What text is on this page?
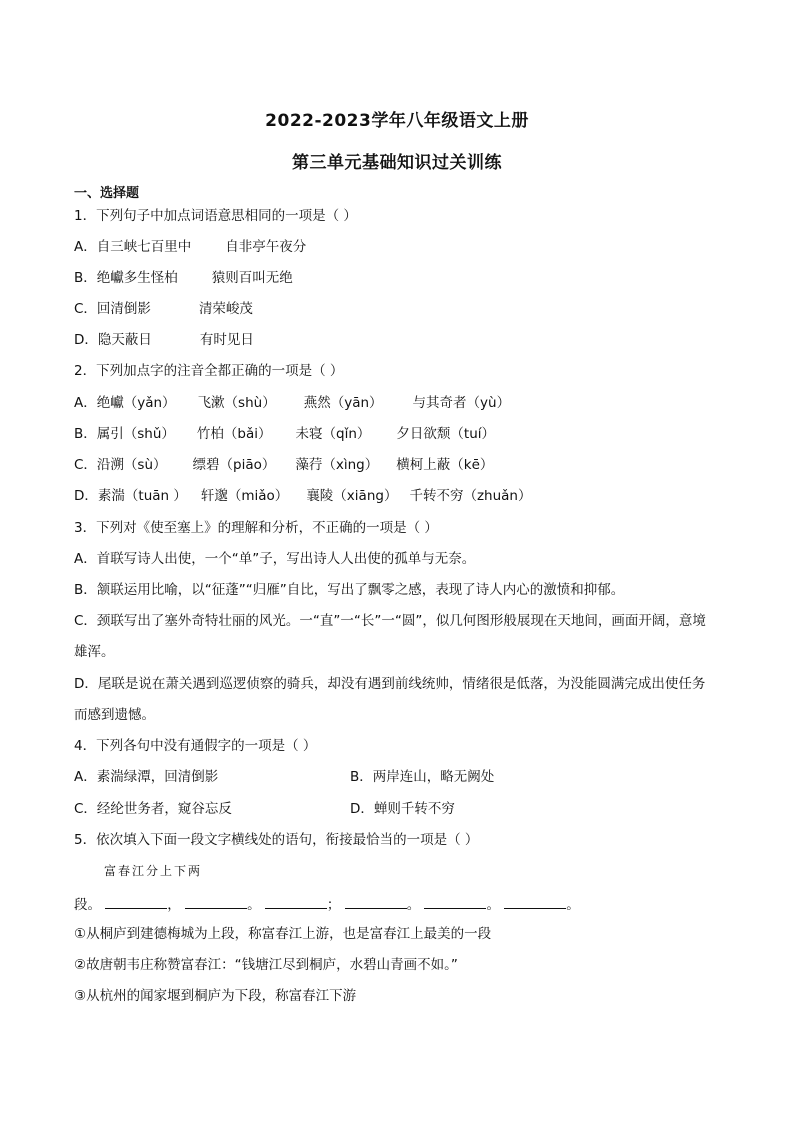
2022-2023学年八年级语文上册
第三单元基础知识过关训练
一、选择题
1．下列句子中加点词语意思相同的一项是（ ）
A．自三峡七百里中	自非亭午夜分
B．绝巘多生怪柏	猿则百叫无绝
C．回清倒影	清荣峻茂
D．隐天蔽日	有时见日
2．下列加点字的注音全都正确的一项是（ ）
A．绝巘（yǎn） 飞漱（shù） 燕然（yān） 与其奇者（yù）
B．属引（shǔ） 竹柏（bǎi） 未寝（qǐn） 夕日欲颓（tuí）
C．沿溯（sù） 缥碧（piāo） 藻荇（xìng） 横柯上蔽（kē）
D．素湍（tuān ） 轩邈（miǎo） 襄陵（xiāng） 千转不穷（zhuǎn）
3．下列对《使至塞上》的理解和分析，不正确的一项是（ ）
A．首联写诗人出使，一个“单”子，写出诗人人出使的孤单与无奈。
B．颔联运用比喻，以“征蓬”“归雁”自比，写出了飘零之感，表现了诗人内心的激愤和抑郁。
C．颈联写出了塞外奇特壮丽的风光。一“直”一“长”一“圆”，似几何图形般展现在天地间，画面开阔，意境
雄浑。
D．尾联是说在萧关遇到巡逻侦察的骑兵，却没有遇到前线统帅，情绪很是低落，为没能圆满完成出使任务
而感到遗憾。
4．下列各句中没有通假字的一项是（ ）
A．素湍绿潭，回清倒影	B．两岸连山，略无阙处
C．经纶世务者，窥谷忘反	D．蝉则千转不穷
5．依次填入下面一段文字横线处的语句，衔接最恰当的一项是（ ）
富春江分上下两
段。	，	。	；	。	。	。
①从桐庐到建德梅城为上段，称富春江上游，也是富春江上最美的一段
②故唐朝韦庄称赞富春江：“钱塘江尽到桐庐，水碧山青画不如。”
③从杭州的闻家堰到桐庐为下段，称富春江下游
